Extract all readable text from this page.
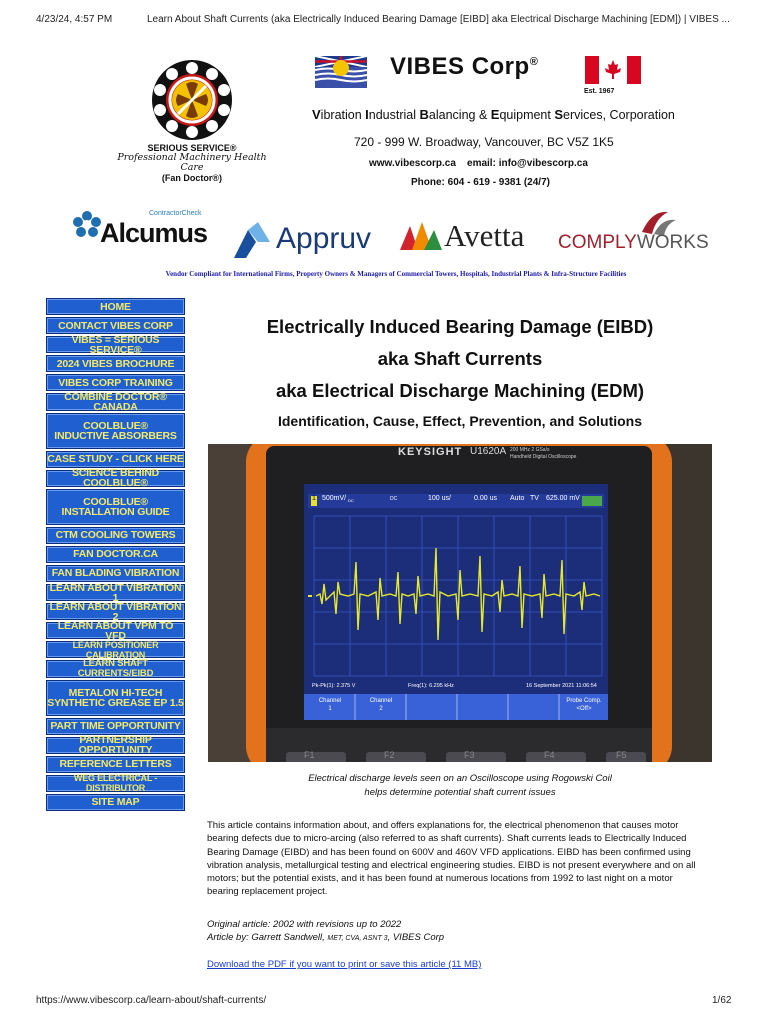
4/23/24, 4:57 PM	Learn About Shaft Currents (aka Electrically Induced Bearing Damage [EIBD] aka Electrical Discharge Machining [EDM]) | VIBES ...
SERIOUS SERVICE®
Professional Machinery Health Care
(Fan Doctor®)
VIBES Corp®
Est. 1967
Vibration Industrial Balancing & Equipment Services, Corporation
720 - 999 W. Broadway, Vancouver, BC V5Z 1K5
www.vibescorp.ca email: info@vibescorp.ca
Phone: 604 - 619 - 9381 (24/7)
ContractorCheck
Alcumus Appruv Avetta COMPLYWORKS
Vendor Compliant for International Firms, Property Owners & Managers of Commercial Towers, Hospitals, Industrial Plants & Infra-Structure Facilities
HOME
CONTACT VIBES CORP
VIBES = SERIOUS SERVICE®
2024 VIBES BROCHURE
VIBES CORP TRAINING
COMBINE DOCTOR® CANADA
COOLBLUE®
INDUCTIVE ABSORBERS
CASE STUDY - CLICK HERE
SCIENCE BEHIND COOLBLUE®
COOLBLUE®
INSTALLATION GUIDE
CTM COOLING TOWERS
FAN DOCTOR.CA
FAN BLADING VIBRATION
LEARN ABOUT VIBRATION 1
LEARN ABOUT VIBRATION 2
LEARN ABOUT VPM TO VFD
LEARN POSITIONER CALIBRATION
LEARN SHAFT CURRENTS/EIBD
METALON HI-TECH
SYNTHETIC GREASE EP 1.5
PART TIME OPPORTUNITY
PARTNERSHIP OPPORTUNITY
REFERENCE LETTERS
WEG ELECTRICAL - DISTRIBUTOR
SITE MAP
Electrically Induced Bearing Damage (EIBD)
aka Shaft Currents
aka Electrical Discharge Machining (EDM)
Identification, Cause, Effect, Prevention, and Solutions
KEYSIGHT U1620A 200 MHz 2 GSa/s
Handheld Digital Oscilloscope
1 500mV/ DC	DC	100 us/	0.00 us Auto TV 625.00 mV
Pk-Pk(1): 2.375 V	Freq(1): 6.295 kHz	16 September 2021 11:06:54
Channel
1
Channel
2
Probe Comp.
<Off>
F1	F2	F3	F4	F5
Electrical discharge levels seen on an Oscilloscope using Rogowski Coil
helps determine potential shaft current issues
This article contains information about, and offers explanations for, the electrical phenomenon that causes motor
bearing defects due to micro-arcing (also referred to as shaft currents). Shaft currents leads to Electrically Induced
Bearing Damage (EIBD) and has been found on 600V and 460V VFD applications. EIBD has been confirmed using
vibration analysis, metallurgical testing and electrical engineering studies. EIBD is not present everywhere and on all
motors; but the potential exists, and it has been found at numerous locations from 1992 to last night on a motor
bearing replacement project.
Original article: 2002 with revisions up to 2022
Article by: Garrett Sandwell, MET, CVA, ASNT 3, VIBES Corp
Download the PDF if you want to print or save this article (11 MB)
https://www.vibescorp.ca/learn-about/shaft-currents/	1/62
